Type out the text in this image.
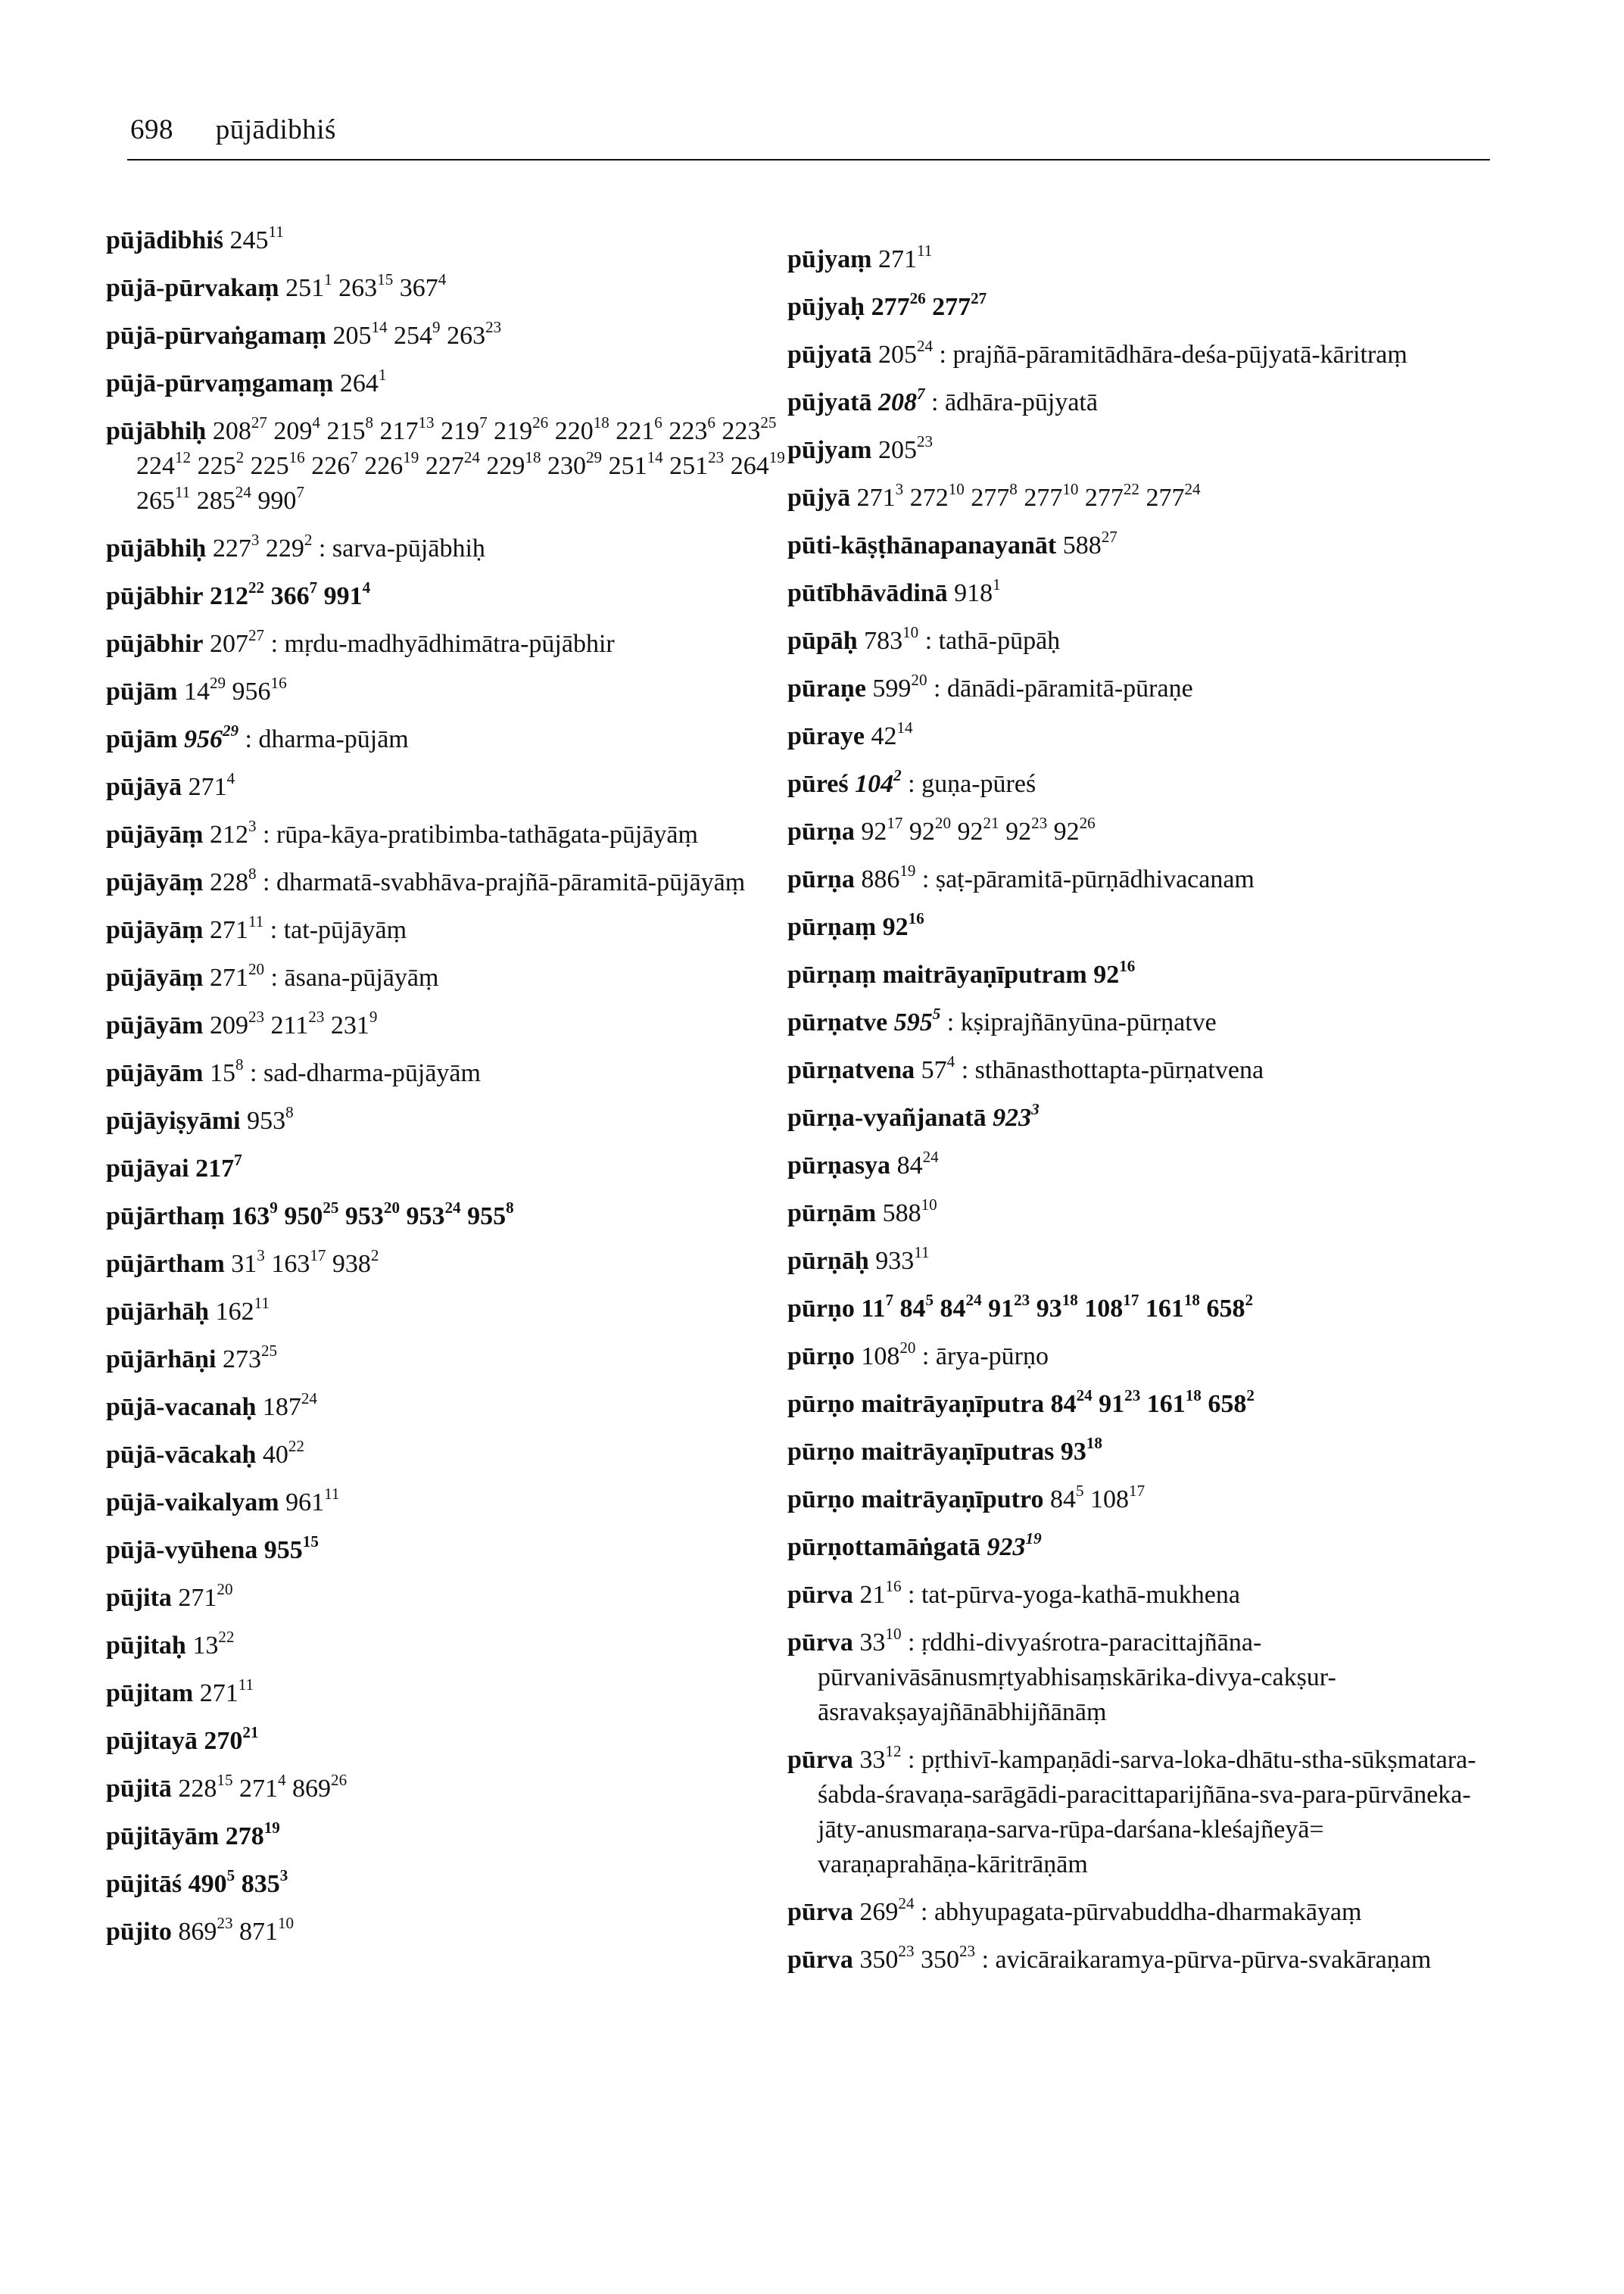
698 pūjādibhiś
pūjādibhiś $245^{11}$
pūjā-pūrvakaṃ $251^1$ $263^{15}$ $367^4$
pūjā-pūrvaṅgamaṃ $205^{14}$ $254^9$ $263^{23}$
pūjā-pūrvaṃgamaṃ $264^1$
pūjābhiḥ $208^{27}$ $209^4$ $215^8$ $217^{13}$ $219^7$ $219^{26}$ $220^{18}$ $221^6$ $223^6$ $223^{25}$ $224^{12}$ $225^2$ $225^{16}$ $226^7$ $226^{19}$ $227^{24}$ $229^{18}$ $230^{29}$ $251^{14}$ $251^{23}$ $264^{19}$ $265^{11}$ $285^{24}$ $990^7$
pūjābhiḥ $227^3$ $229^2$ : sarva-pūjābhiḥ
pūjābhir $212^{22}$ $366^7$ $991^4$
pūjābhir $207^{27}$ : mṛdu-madhyādhimātra-pūjābhir
pūjām $14^{29}$ $956^{16}$
pūjām $956^{29}$ : dharma-pūjām
pūjāyā $271^4$
pūjāyāṃ $212^3$ : rūpa-kāya-pratibimba-tathāgata-pūjāyāṃ
pūjāyāṃ $228^8$ : dharmatā-svabhāva-prajñā-pāramitā-pūjāyāṃ
pūjāyāṃ $271^{11}$ : tat-pūjāyāṃ
pūjāyāṃ $271^{20}$ : āsana-pūjāyāṃ
pūjāyām $209^{23}$ $211^{23}$ $231^9$
pūjāyām $15^8$ : sad-dharma-pūjāyām
pūjāyiṣyāmi $953^8$
pūjāyai $217^7$
pūjārthaṃ $163^9$ $950^{25}$ $953^{20}$ $953^{24}$ $955^8$
pūjārtham $31^3$ $163^{17}$ $938^2$
pūjārhāḥ $162^{11}$
pūjārhāṇi $273^{25}$
pūjā-vacanaḥ $187^{24}$
pūjā-vācakaḥ $40^{22}$
pūjā-vaikalyam $961^{11}$
pūjā-vyūhena $955^{15}$
pūjita $271^{20}$
pūjitaḥ $13^{22}$
pūjitam $271^{11}$
pūjitayā $270^{21}$
pūjitā $228^{15}$ $271^4$ $869^{26}$
pūjitāyām $278^{19}$
pūjitāś $490^5$ $835^3$
pūjito $869^{23}$ $871^{10}$
pūjyaṃ $271^{11}$
pūjyaḥ $277^{26}$ $277^{27}$
pūjyatā $205^{24}$ : prajñā-pāramitādhāra-deśa-pūjyatā-kāritraṃ
pūjyatā $208^7$ : ādhāra-pūjyatā
pūjyam $205^{23}$
pūjyā $271^3$ $272^{10}$ $277^8$ $277^{10}$ $277^{22}$ $277^{24}$
pūti-kāṣṭhānapanayanāt $588^{27}$
pūtībhāvādinā $918^1$
pūpāḥ $783^{10}$ : tathā-pūpāḥ
pūraṇe $599^{20}$ : dānādi-pāramitā-pūraṇe
pūraye $42^{14}$
pūreś $104^2$ : guṇa-pūreś
pūrṇa $92^{17}$ $92^{20}$ $92^{21}$ $92^{23}$ $92^{26}$
pūrṇa $886^{19}$ : ṣaṭ-pāramitā-pūrṇādhivacanam
pūrṇaṃ $92^{16}$
pūrṇaṃ maitrāyaṇīputram $92^{16}$
pūrṇatve $595^5$ : kṣiprajñānyūna-pūrṇatve
pūrṇatvena $57^4$ : sthānasthottapta-pūrṇatvena
pūrṇa-vyañjanatā $923^3$
pūrṇasya $84^{24}$
pūrṇām $588^{10}$
pūrṇāḥ $933^{11}$
pūrṇo $11^7$ $84^5$ $84^{24}$ $91^{23}$ $93^{18}$ $108^{17}$ $161^{18}$ $658^2$
pūrṇo $108^{20}$ : ārya-pūrṇo
pūrṇo maitrāyaṇīputra $84^{24}$ $91^{23}$ $161^{18}$ $658^2$
pūrṇo maitrāyaṇīputras $93^{18}$
pūrṇo maitrāyaṇīputro $84^5$ $108^{17}$
pūrṇottamāṅgatā $923^{19}$
pūrva $21^{16}$ : tat-pūrva-yoga-kathā-mukhena
pūrva $33^{10}$ : ṛddhi-divyaśrotra-paracittajñāna-pūrvanivāsānusmṛtyabhisaṃskārika-divya-cakṣur-āsravakṣayajñānābhijñānāṃ
pūrva $33^{12}$ : pṛthivī-kampaṇādi-sarva-loka-dhātu-stha-sūkṣmatara-śabda-śravaṇa-sarāgādi-paracittaparijñāna-sva-para-pūrvāneka-jāty-anusmaraṇa-sarva-rūpa-darśana-kleśajñeyā= varaṇaprahāṇa-kāritrāṇām
pūrva $269^{24}$ : abhyupagata-pūrvabuddha-dharmakāyaṃ
pūrva $350^{23}$ $350^{23}$ : avicāraikaramya-pūrva-pūrva-svakāraṇam
